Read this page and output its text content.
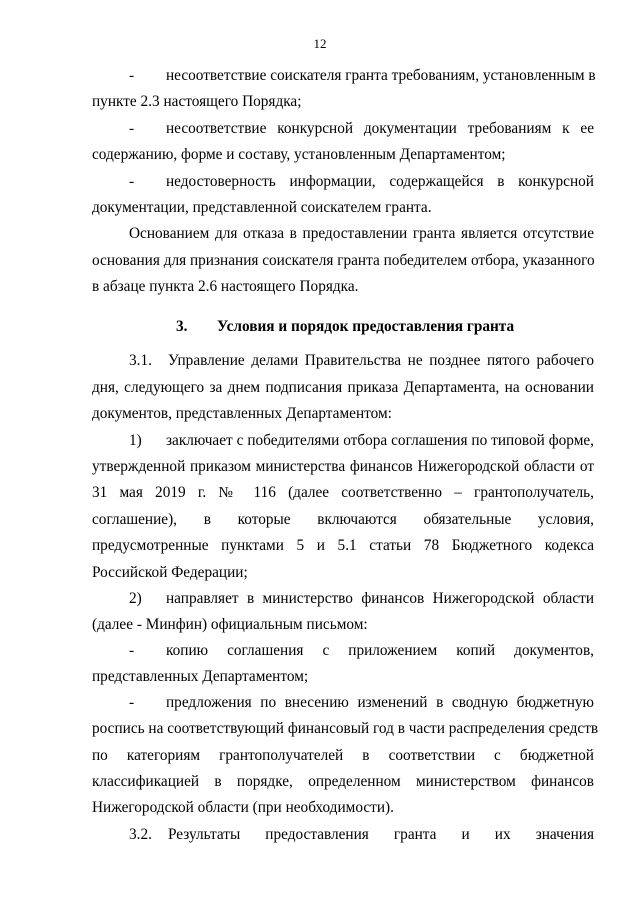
12
-	несоответствие соискателя гранта требованиям, установленным в
пункте 2.3 настоящего Порядка;
-	несоответствие конкурсной документации требованиям к ее
содержанию, форме и составу, установленным Департаментом;
-	недостоверность информации, содержащейся в конкурсной
документации, представленной соискателем гранта.
Основанием для отказа в предоставлении гранта является отсутствие
основания для признания соискателя гранта победителем отбора, указанного
в абзаце пункта 2.6 настоящего Порядка.
3. Условия и порядок предоставления гранта
3.1. Управление делами Правительства не позднее пятого рабочего
дня, следующего за днем подписания приказа Департамента, на основании
документов, представленных Департаментом:
1) заключает с победителями отбора соглашения по типовой форме,
утвержденной приказом министерства финансов Нижегородской области от
31 мая 2019 г. № 116 (далее соответственно – грантополучатель,
соглашение), в которые включаются обязательные условия,
предусмотренные пунктами 5 и 5.1 статьи 78 Бюджетного кодекса
Российской Федерации;
2) направляет в министерство финансов Нижегородской области
(далее - Минфин) официальным письмом:
-	копию соглашения с приложением копий документов,
представленных Департаментом;
-	предложения по внесению изменений в сводную бюджетную
роспись на соответствующий финансовый год в части распределения средств
по категориям грантополучателей в соответствии с бюджетной
классификацией в порядке, определенном министерством финансов
Нижегородской области (при необходимости).
3.2. Результаты предоставления гранта и их значения
